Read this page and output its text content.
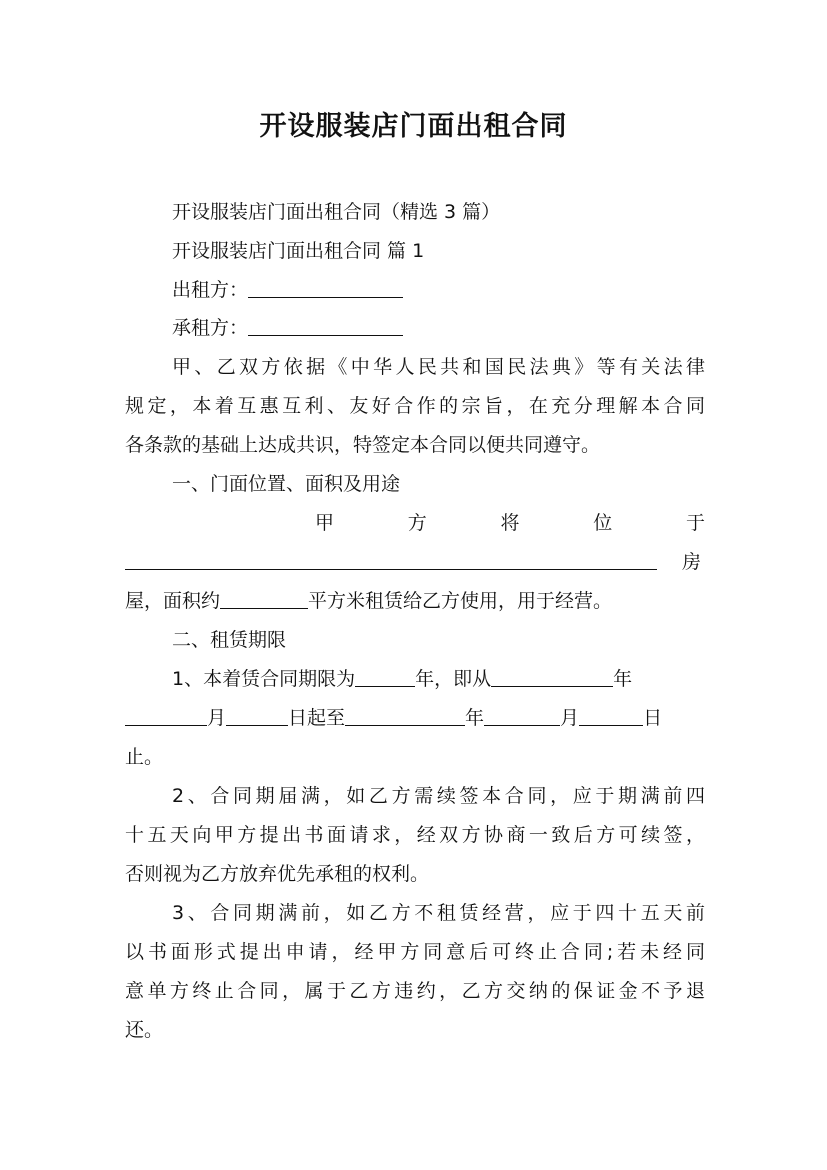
开设服装店门面出租合同
开设服装店门面出租合同（精选 3 篇）
开设服装店门面出租合同 篇 1
出租方：
承租方：
甲、乙双方依据《中华人民共和国民法典》等有关法律
规定，本着互惠互利、友好合作的宗旨，在充分理解本合同
各条款的基础上达成共识，特签定本合同以便共同遵守。
一、门面位置、面积及用途
甲	方	将	位	于
房
屋，面积约	平方米租赁给乙方使用，用于经营。
二、租赁期限
1、本着赁合同期限为	年，即从	年
月	日起至	年	月	日
止。
2、合同期届满，如乙方需续签本合同，应于期满前四
十五天向甲方提出书面请求，经双方协商一致后方可续签，
否则视为乙方放弃优先承租的权利。
3、合同期满前，如乙方不租赁经营，应于四十五天前
以书面形式提出申请，经甲方同意后可终止合同;若未经同
意单方终止合同，属于乙方违约，乙方交纳的保证金不予退
还。
